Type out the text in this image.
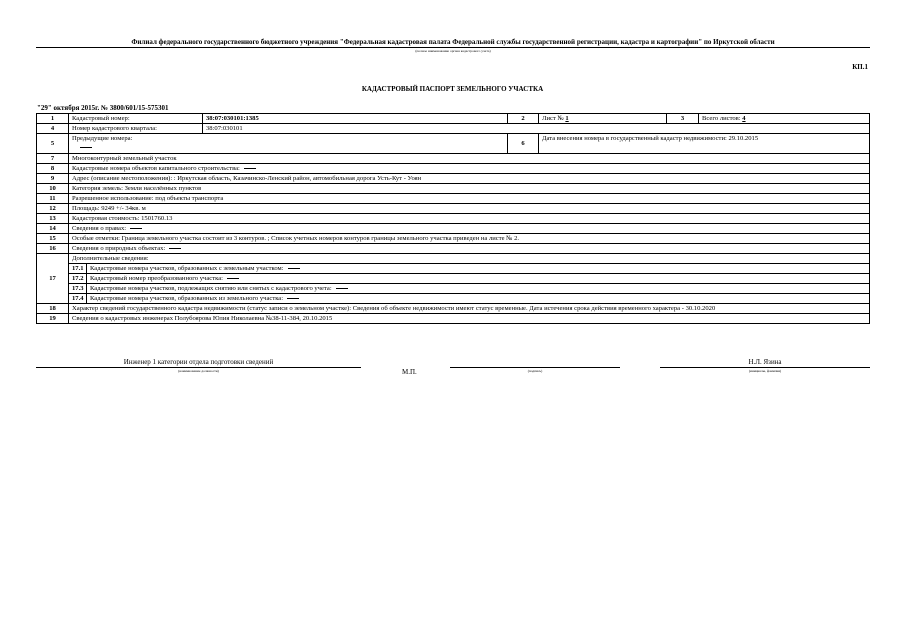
Филиал федерального государственного бюджетного учреждения "Федеральная кадастровая палата Федеральной службы государственной регистрации, кадастра и картографии" по Иркутской области
(полное наименование органа кадастрового учета)
КП.1
КАДАСТРОВЫЙ ПАСПОРТ ЗЕМЕЛЬНОГО УЧАСТКА
"29" октября 2015г. № 3800/601/15-575301
1	Кадастровый номер:		38:07:030101:1385	2	Лист № 1	3	Всего листов: 4
4	Номер кадастрового квартала:		38:07:030101				
5	Предыдущие номера:			6	Дата внесения номера в государственный кадастр недвижимости: 29.10.2015		
7	Многоконтурный земельный участок						
8	Кадастровые номера объектов капитального строительства:						
9	Адрес (описание местоположения): : Иркутская область, Казачинско-Ленский район, автомобильная дорога Усть-Кут - Уоян						
10	Категория земель: Земли населённых пунктов						
11	Разрешенное использование: под объекты транспорта						
12	Площадь: 9249 +/- 34кв. м						
13	Кадастровая стоимость: 1501760.13						
14	Сведения о правах:						
15	Особые отметки: Граница земельного участка состоит из 3 контуров. ; Список учетных номеров контуров границы земельного участка приведен на листе № 2.						
16	Сведения о природных объектах:						
17	Дополнительные сведения:						
	17.1	Кадастровые номера участков, образованных с земельным участком:					
	17.2	Кадастровый номер преобразованного участка:					
	17.3	Кадастровые номера участков, подлежащих снятию или снятых с кадастрового учета:					
	17.4	Кадастровые номера участков, образованных из земельного участка:					
18	Характер сведений государственного кадастра недвижимости (статус записи о земельном участке): Сведения об объекте недвижимости имеют статус временные. Дата истечения срока действия временного характера - 30.10.2020						
19	Сведения о кадастровых инженерах Полубоярова Юлия Николаевна №38-11-384, 20.10.2015						
Инженер 1 категории отдела подготовки сведений
(наименование должности)	М.П.	(подпись)
Н.Л. Язина
(инициалы, фамилия)
